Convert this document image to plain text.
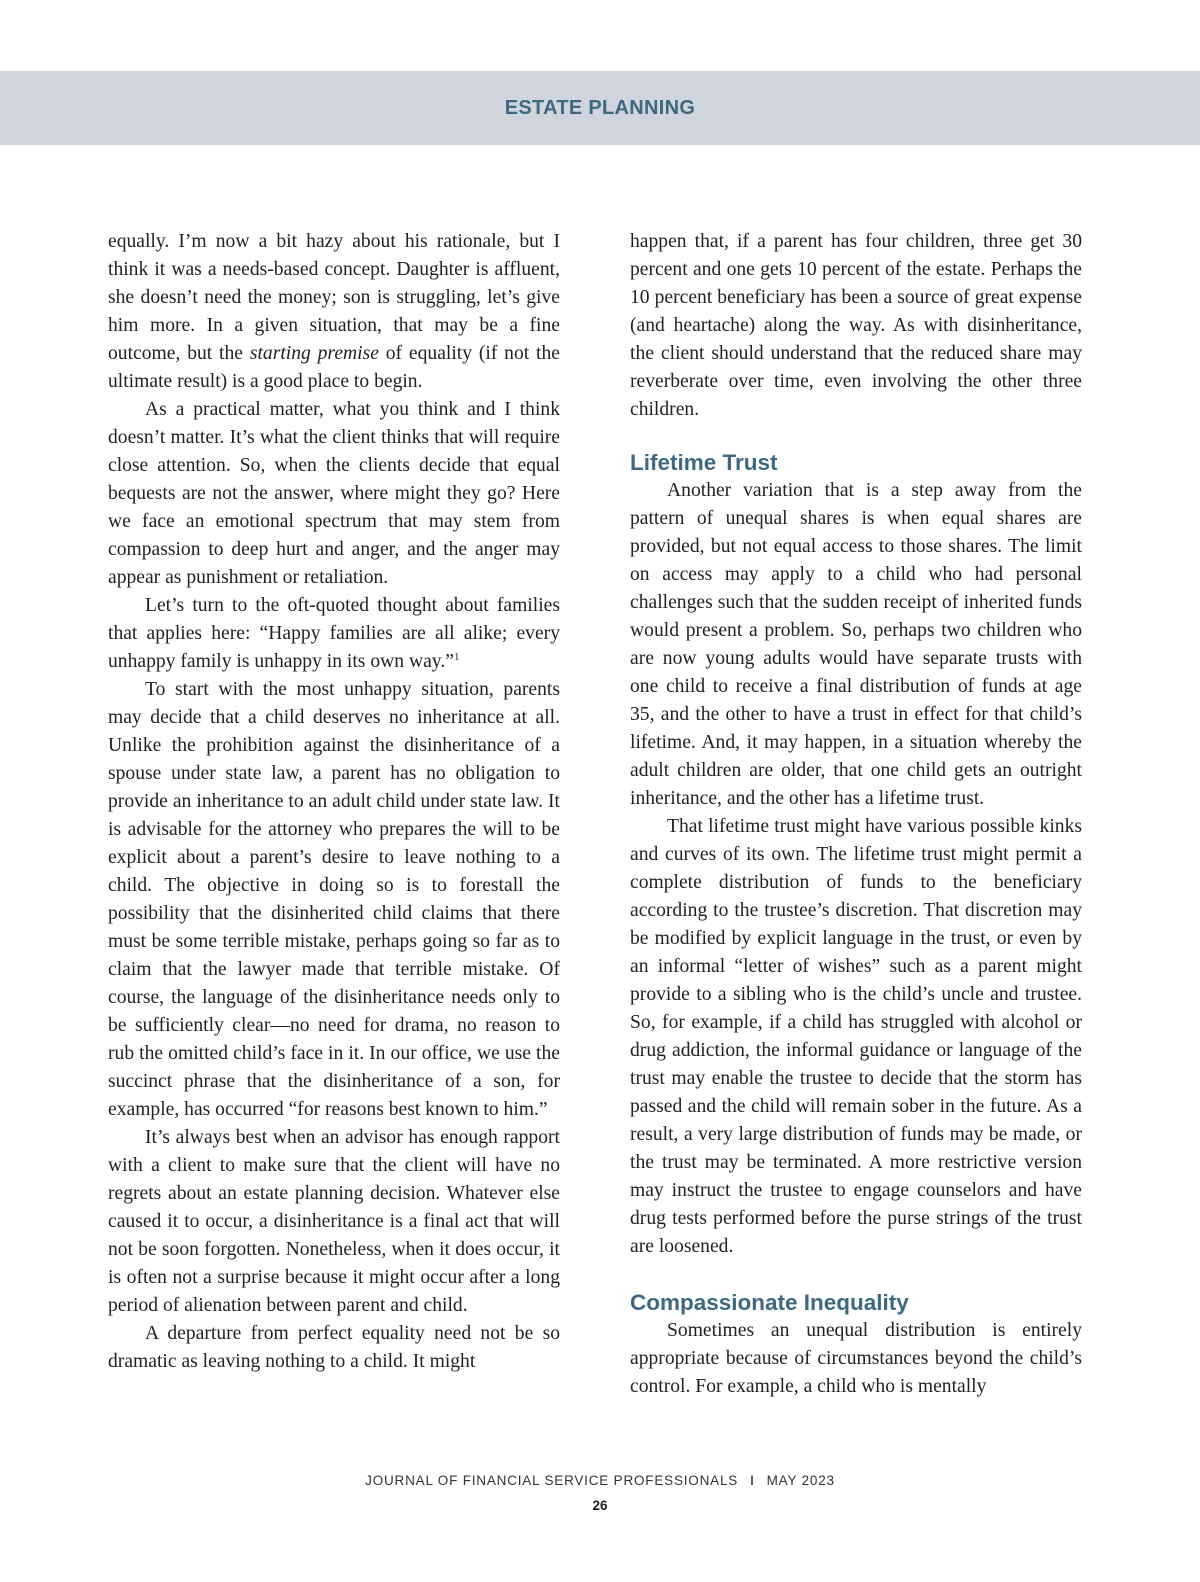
ESTATE PLANNING

equally. I’m now a bit hazy about his rationale, but I think it was a needs-based concept. Daughter is affluent, she doesn’t need the money; son is struggling, let’s give him more. In a given situation, that may be a fine outcome, but the starting premise of equality (if not the ultimate result) is a good place to begin.

As a practical matter, what you think and I think doesn’t matter. It’s what the client thinks that will require close attention. So, when the clients decide that equal bequests are not the answer, where might they go? Here we face an emotional spectrum that may stem from compassion to deep hurt and anger, and the anger may appear as punishment or retaliation.

Let’s turn to the oft-quoted thought about families that applies here: “Happy families are all alike; every unhappy family is unhappy in its own way.”$^1$

To start with the most unhappy situation, parents may decide that a child deserves no inheritance at all. Unlike the prohibition against the disinheritance of a spouse under state law, a parent has no obligation to provide an inheritance to an adult child under state law. It is advisable for the attorney who prepares the will to be explicit about a parent’s desire to leave nothing to a child. The objective in doing so is to forestall the possibility that the disinherited child claims that there must be some terrible mistake, perhaps going so far as to claim that the lawyer made that terrible mistake. Of course, the language of the disinheritance needs only to be sufficiently clear—no need for drama, no reason to rub the omitted child’s face in it. In our office, we use the succinct phrase that the disinheritance of a son, for example, has occurred “for reasons best known to him.”

It’s always best when an advisor has enough rapport with a client to make sure that the client will have no regrets about an estate planning decision. Whatever else caused it to occur, a disinheritance is a final act that will not be soon forgotten. Nonetheless, when it does occur, it is often not a surprise because it might occur after a long period of alienation between parent and child.

A departure from perfect equality need not be so dramatic as leaving nothing to a child. It might

happen that, if a parent has four children, three get 30 percent and one gets 10 percent of the estate. Perhaps the 10 percent beneficiary has been a source of great expense (and heartache) along the way. As with disinheritance, the client should understand that the reduced share may reverberate over time, even involving the other three children.

Lifetime Trust

Another variation that is a step away from the pattern of unequal shares is when equal shares are provided, but not equal access to those shares. The limit on access may apply to a child who had personal challenges such that the sudden receipt of inherited funds would present a problem. So, perhaps two children who are now young adults would have separate trusts with one child to receive a final distribution of funds at age 35, and the other to have a trust in effect for that child’s lifetime. And, it may happen, in a situation whereby the adult children are older, that one child gets an outright inheritance, and the other has a lifetime trust.

That lifetime trust might have various possible kinks and curves of its own. The lifetime trust might permit a complete distribution of funds to the beneficiary according to the trustee’s discretion. That discretion may be modified by explicit language in the trust, or even by an informal “letter of wishes” such as a parent might provide to a sibling who is the child’s uncle and trustee. So, for example, if a child has struggled with alcohol or drug addiction, the informal guidance or language of the trust may enable the trustee to decide that the storm has passed and the child will remain sober in the future. As a result, a very large distribution of funds may be made, or the trust may be terminated. A more restrictive version may instruct the trustee to engage counselors and have drug tests performed before the purse strings of the trust are loosened.

Compassionate Inequality

Sometimes an unequal distribution is entirely appropriate because of circumstances beyond the child’s control. For example, a child who is mentally

JOURNAL OF FINANCIAL SERVICE PROFESSIONALS I MAY 2023
26
